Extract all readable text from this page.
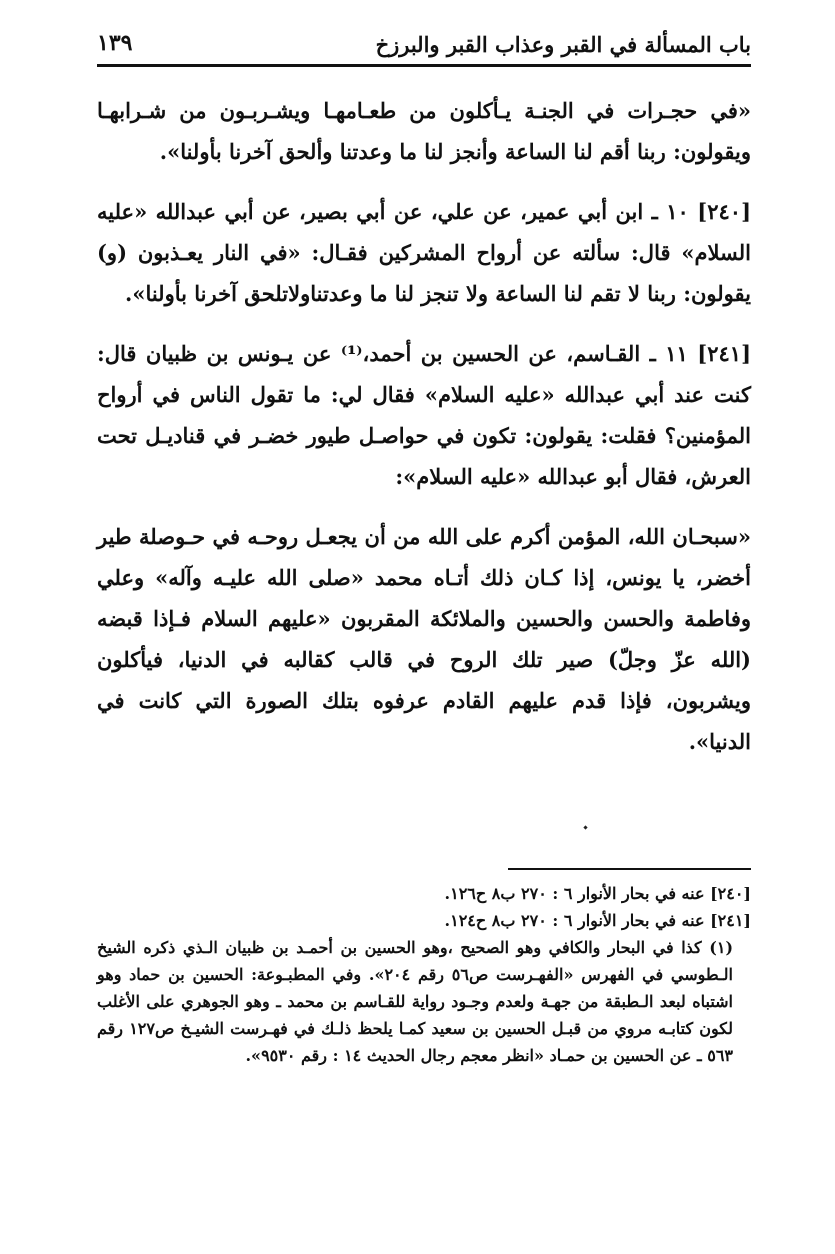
باب المسألة في القبر وعذاب القبر والبرزخ
١٣٩

«في حجـرات في الجنـة يـأكلون من طعـامهـا ويشـربـون من شـرابهـا ويقولون: ربنا أقم لنا الساعة وأنجز لنا ما وعدتنا وألحق آخرنا بأولنا».

[٢٤٠] ١٠ ـ ابن أبي عمير، عن علي، عن أبي بصير، عن أبي عبدالله «عليه السلام» قال: سألته عن أرواح المشركين فقـال: «في النار يعـذبون (و) يقولون: ربنا لا تقم لنا الساعة ولا تنجز لنا ما وعدتناولاتلحق آخرنا بأولنا».

[٢٤١] ١١ ـ القـاسم، عن الحسين بن أحمد،⁽¹⁾ عن يـونس بن ظبيان قال: كنت عند أبي عبدالله «عليه السلام» فقال لي: ما تقول الناس في أرواح المؤمنين؟ فقلت: يقولون: تكون في حواصـل طيور خضـر في قناديـل تحت العرش، فقال أبو عبدالله «عليه السلام»:

«سبحـان الله، المؤمن أكرم على الله من أن يجعـل روحـه في حـوصلة طير أخضر، يا يونس، إذا كـان ذلك أتـاه محمد «صلى الله عليـه وآله» وعلي وفاطمة والحسن والحسين والملائكة المقربون «عليهم السلام فـإذا قبضه (الله عزّ وجلّ) صير تلك الروح في قالب كقالبه في الدنيا، فيأكلون ويشربون، فإذا قدم عليهم القادم عرفوه بتلك الصورة التي كانت في الدنيا».

[٢٤٠] عنه في بحار الأنوار ٦ : ٢٧٠ ب٨ ح١٢٦.

[٢٤١] عنه في بحار الأنوار ٦ : ٢٧٠ ب٨ ح١٢٤.

(١) كذا في البحار والكافي وهو الصحيح ،وهو الحسين بن أحمـد بن ظبيان الـذي ذكره الشيخ الـطوسي في الفهرس «الفهـرست ص٥٦ رقم ٢٠٤». وفي المطبـوعة: الحسين بن حماد وهو اشتباه لبعد الـطبقة من جهـة ولعدم وجـود رواية للقـاسم بن محمد ـ وهو الجوهري على الأغلب لكون كتابـه مروي من قبـل الحسين بن سعيد كمـا يلحظ ذلـك في فهـرست الشيـخ ص١٢٧ رقم ٥٦٣ ـ عن الحسين بن حمـاد «انظر معجم رجال الحديث ١٤ : رقم ٩٥٣٠».
